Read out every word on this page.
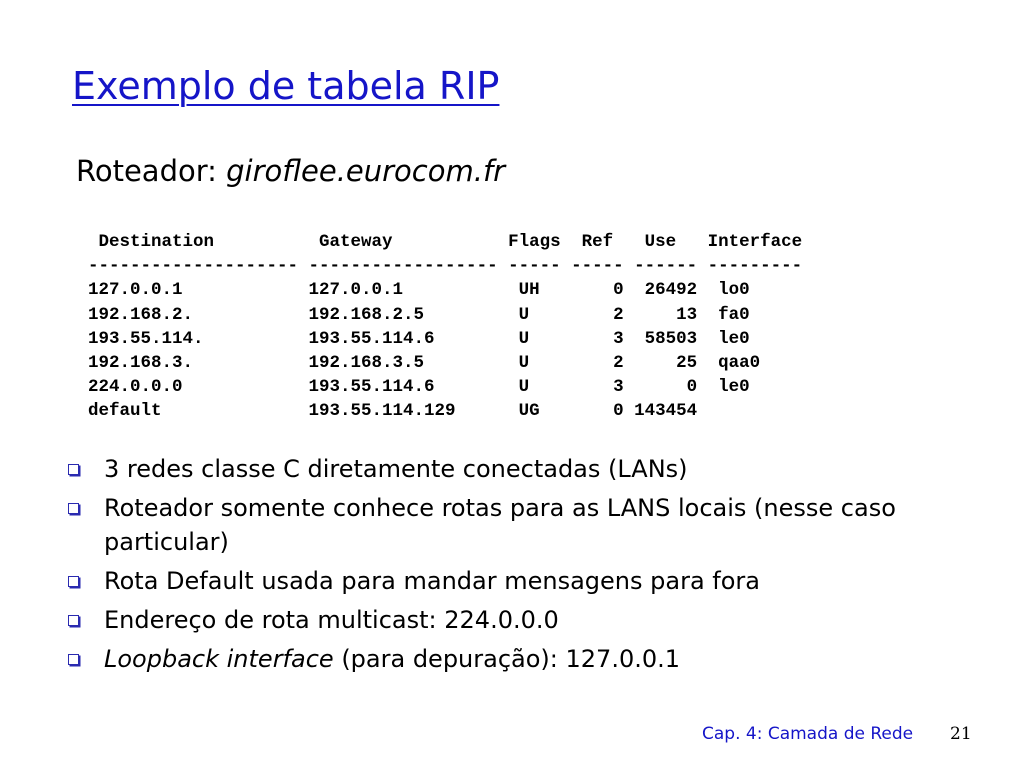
Exemplo de tabela RIP
Roteador: giroflee.eurocom.fr
Destination          Gateway           Flags  Ref   Use   Interface
-------------------- ------------------ ----- ----- ------ ---------
127.0.0.1            127.0.0.1           UH       0  26492  lo0
192.168.2.           192.168.2.5         U        2     13  fa0
193.55.114.          193.55.114.6        U        3  58503  le0
192.168.3.           192.168.3.5         U        2     25  qaa0
224.0.0.0            193.55.114.6        U        3      0  le0
default              193.55.114.129      UG       0 143454
3 redes classe C diretamente conectadas (LANs)
Roteador somente conhece rotas para as LANS locais (nesse caso particular)
Rota Default usada para mandar mensagens para fora
Endereço de rota multicast: 224.0.0.0
Loopback interface (para depuração): 127.0.0.1
Cap. 4: Camada de Rede 21
